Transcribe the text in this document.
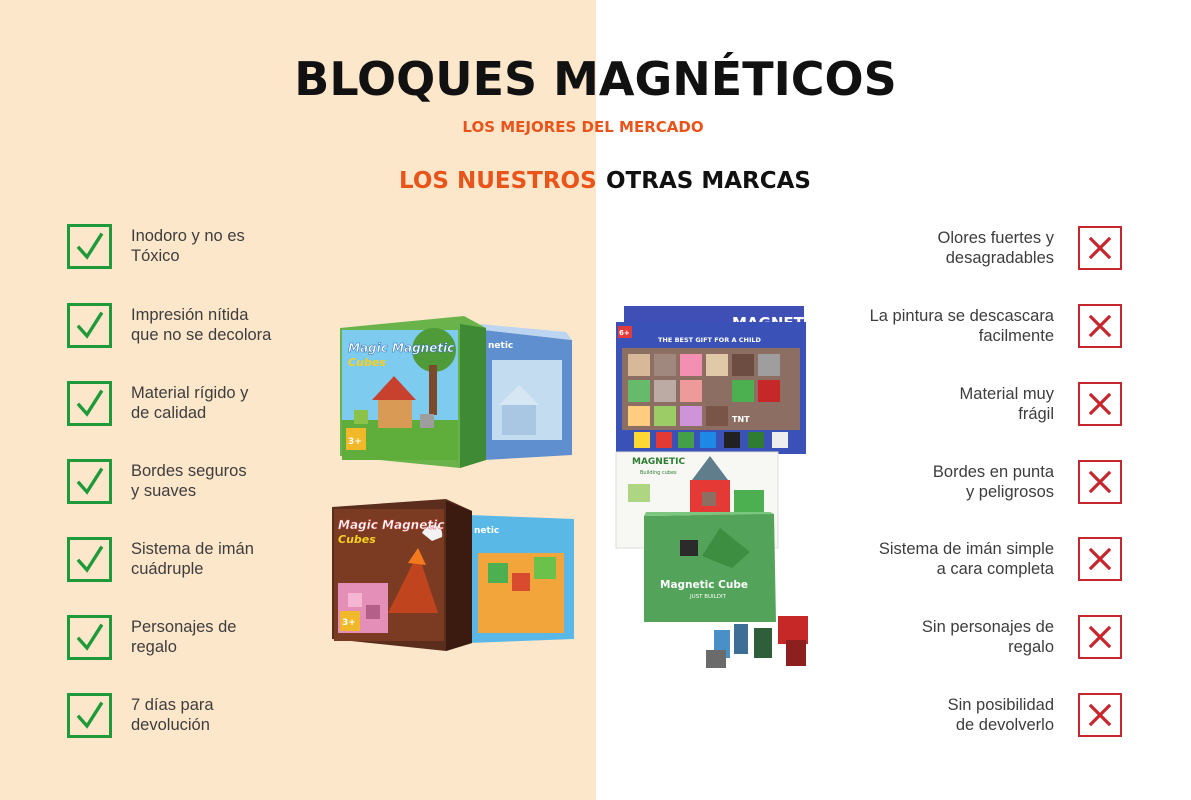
BLOQUES MAGNÉTICOS
LOS MEJORES DEL MERCADO
LOS NUESTROS OTRAS MARCAS
Inodoro y no es
Tóxico
Impresión nítida
que no se decolora
Material rígido y
de calidad
Bordes seguros
y suaves
Sistema de imán
cuádruple
Personajes de
regalo
7 días para
devolución
Olores fuertes y
desagradables
La pintura se descascara
facilmente
Material muy
frágil
Bordes en punta
y peligrosos
Sistema de imán simple
a cara completa
Sin personajes de
regalo
Sin posibilidad
de devolverlo
netic
Magic Magnetic
Cubes
3+
netic
Magic Magnetic
Cubes
3+
THE BEST GIFT FOR A CHILD
6+
TNT
MAGNETIC
Building cubes
Magnetic Cube
JUST BUILDIT
